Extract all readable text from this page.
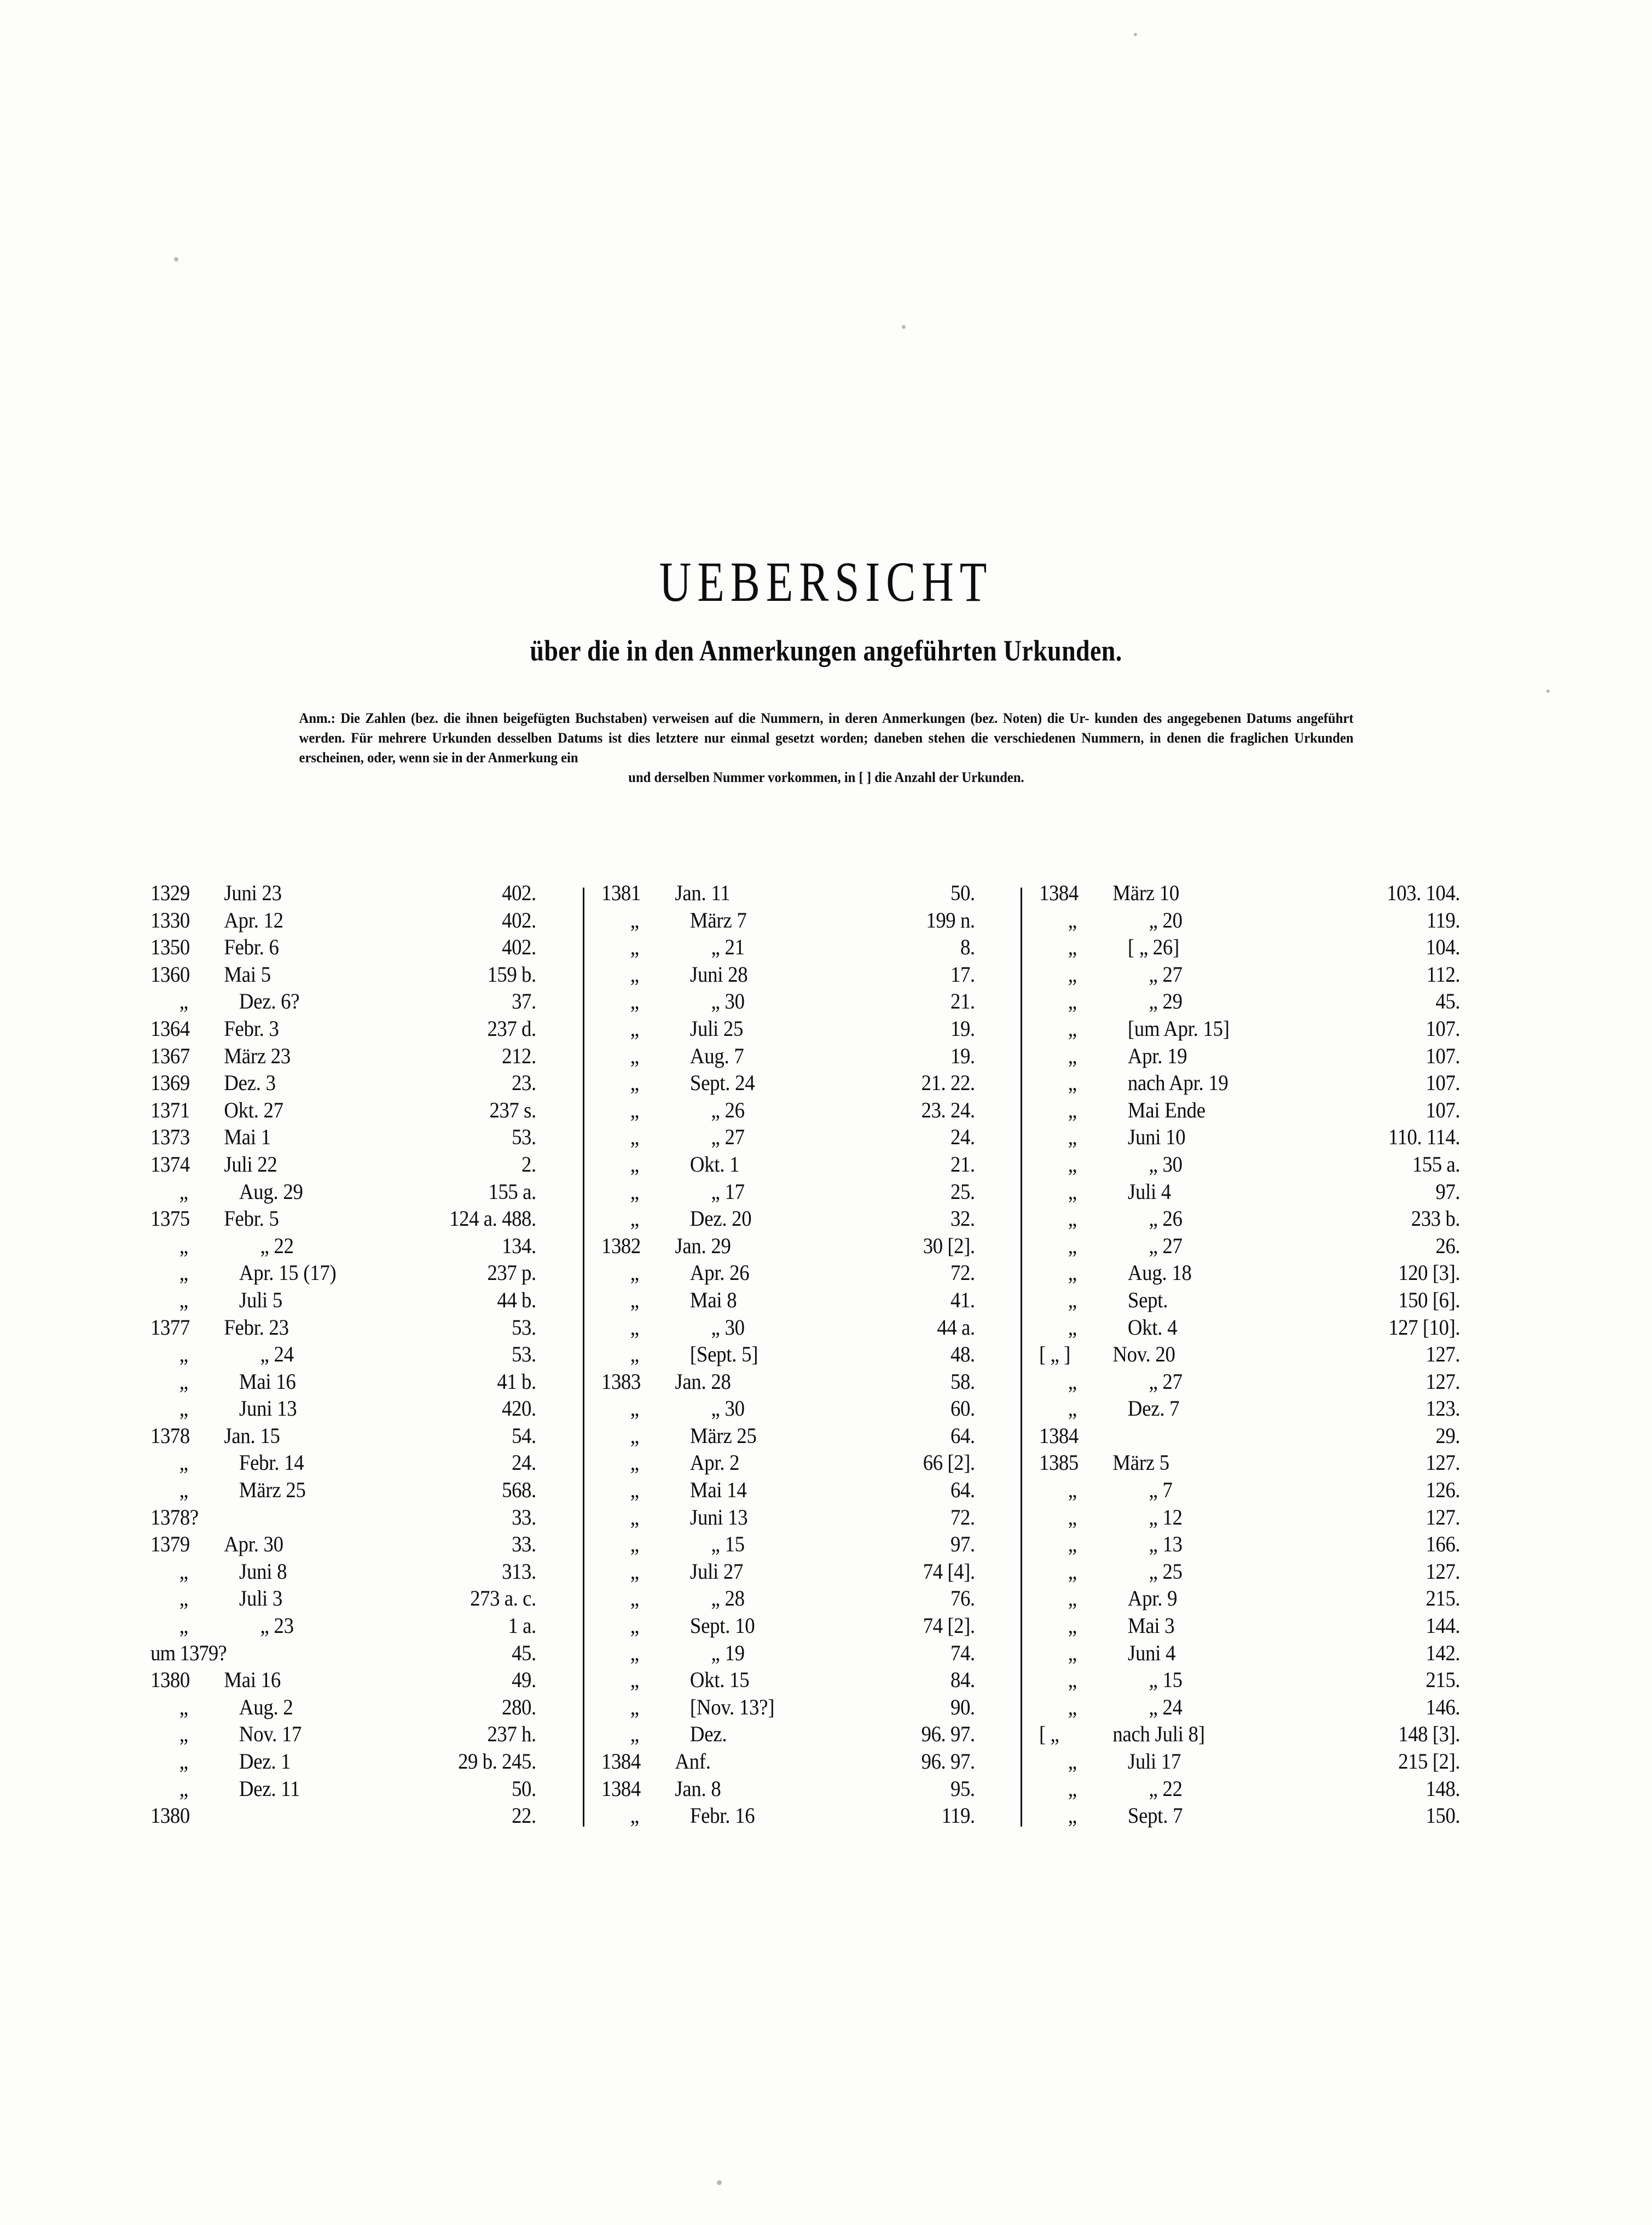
UEBERSICHT
über die in den Anmerkungen angeführten Urkunden.
Anm.: Die Zahlen (bez. die ihnen beigefügten Buchstaben) verweisen auf die Nummern, in deren Anmerkungen (bez. Noten) die Ur- kunden des angegebenen Datums angeführt werden. Für mehrere Urkunden desselben Datums ist dies letztere nur einmal gesetzt worden; daneben stehen die verschiedenen Nummern, in denen die fraglichen Urkunden erscheinen, oder, wenn sie in der Anmerkung ein
und derselben Nummer vorkommen, in [ ] die Anzahl der Urkunden.
1329	Juni 23	402.
1330	Apr. 12	402.
1350	Febr. 6	402.
1360	Mai 5	159 b.
„	Dez. 6?	37.
1364	Febr. 3	237 d.
1367	März 23	212.
1369	Dez. 3	23.
1371	Okt. 27	237 s.
1373	Mai 1	53.
1374	Juli 22	2.
„	Aug. 29	155 a.
1375	Febr. 5	124 a. 488.
„	„ 22	134.
„	Apr. 15 (17)	237 p.
„	Juli 5	44 b.
1377	Febr. 23	53.
„	„ 24	53.
„	Mai 16	41 b.
„	Juni 13	420.
1378	Jan. 15	54.
„	Febr. 14	24.
„	März 25	568.
1378?	33.
1379	Apr. 30	33.
„	Juni 8	313.
„	Juli 3	273 a. c.
„	„ 23	1 a.
um 1379?	45.
1380	Mai 16	49.
„	Aug. 2	280.
„	Nov. 17	237 h.
„	Dez. 1	29 b. 245.
„	Dez. 11	50.
1380	22.
1381	Jan. 11	50.
„	März 7	199 n.
„	„ 21	8.
„	Juni 28	17.
„	„ 30	21.
„	Juli 25	19.
„	Aug. 7	19.
„	Sept. 24	21. 22.
„	„ 26	23. 24.
„	„ 27	24.
„	Okt. 1	21.
„	„ 17	25.
„	Dez. 20	32.
1382	Jan. 29	30 [2].
„	Apr. 26	72.
„	Mai 8	41.
„	„ 30	44 a.
„	[Sept. 5]	48.
1383	Jan. 28	58.
„	„ 30	60.
„	März 25	64.
„	Apr. 2	66 [2].
„	Mai 14	64.
„	Juni 13	72.
„	„ 15	97.
„	Juli 27	74 [4].
„	„ 28	76.
„	Sept. 10	74 [2].
„	„ 19	74.
„	Okt. 15	84.
„	[Nov. 13?]	90.
„	Dez.	96. 97.
1384	Anf.	96. 97.
1384	Jan. 8	95.
„	Febr. 16	119.
1384	März 10	103. 104.
„	„ 20	119.
„	[ „ 26]	104.
„	„ 27	112.
„	„ 29	45.
„	[um Apr. 15]	107.
„	Apr. 19	107.
„	nach Apr. 19	107.
„	Mai Ende	107.
„	Juni 10	110. 114.
„	„ 30	155 a.
„	Juli 4	97.
„	„ 26	233 b.
„	„ 27	26.
„	Aug. 18	120 [3].
„	Sept.	150 [6].
„	Okt. 4	127 [10].
[ „ ]	Nov. 20	127.
„	„ 27	127.
„	Dez. 7	123.
1384	29.
1385	März 5	127.
„	„ 7	126.
„	„ 12	127.
„	„ 13	166.
„	„ 25	127.
„	Apr. 9	215.
„	Mai 3	144.
„	Juni 4	142.
„	„ 15	215.
„	„ 24	146.
[ „	nach Juli 8]	148 [3].
„	Juli 17	215 [2].
„	„ 22	148.
„	Sept. 7	150.
